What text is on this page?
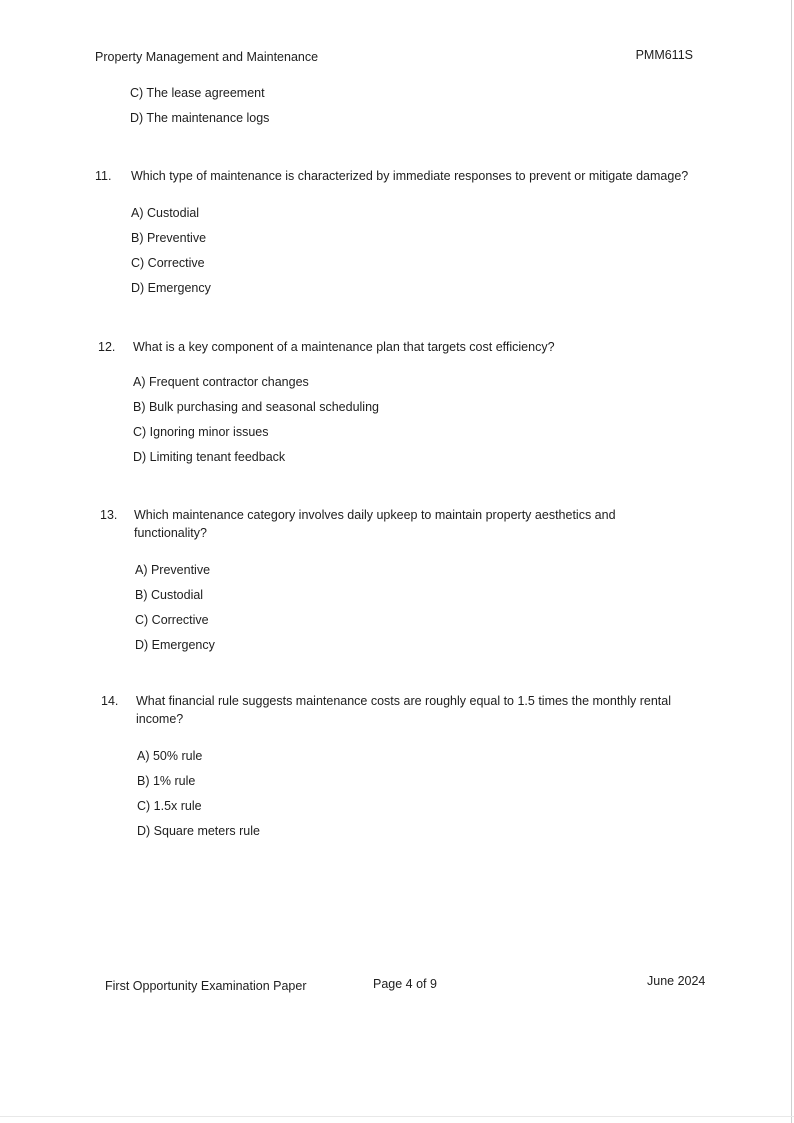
Property Management and Maintenance	PMM611S
C) The lease agreement
D) The maintenance logs
11. Which type of maintenance is characterized by immediate responses to prevent or mitigate damage?
A) Custodial
B) Preventive
C) Corrective
D) Emergency
12. What is a key component of a maintenance plan that targets cost efficiency?
A) Frequent contractor changes
B) Bulk purchasing and seasonal scheduling
C) Ignoring minor issues
D) Limiting tenant feedback
13. Which maintenance category involves daily upkeep to maintain property aesthetics and functionality?
A) Preventive
B) Custodial
C) Corrective
D) Emergency
14. What financial rule suggests maintenance costs are roughly equal to 1.5 times the monthly rental income?
A) 50% rule
B) 1% rule
C) 1.5x rule
D) Square meters rule
First Opportunity Examination Paper	Page 4 of 9	June 2024
